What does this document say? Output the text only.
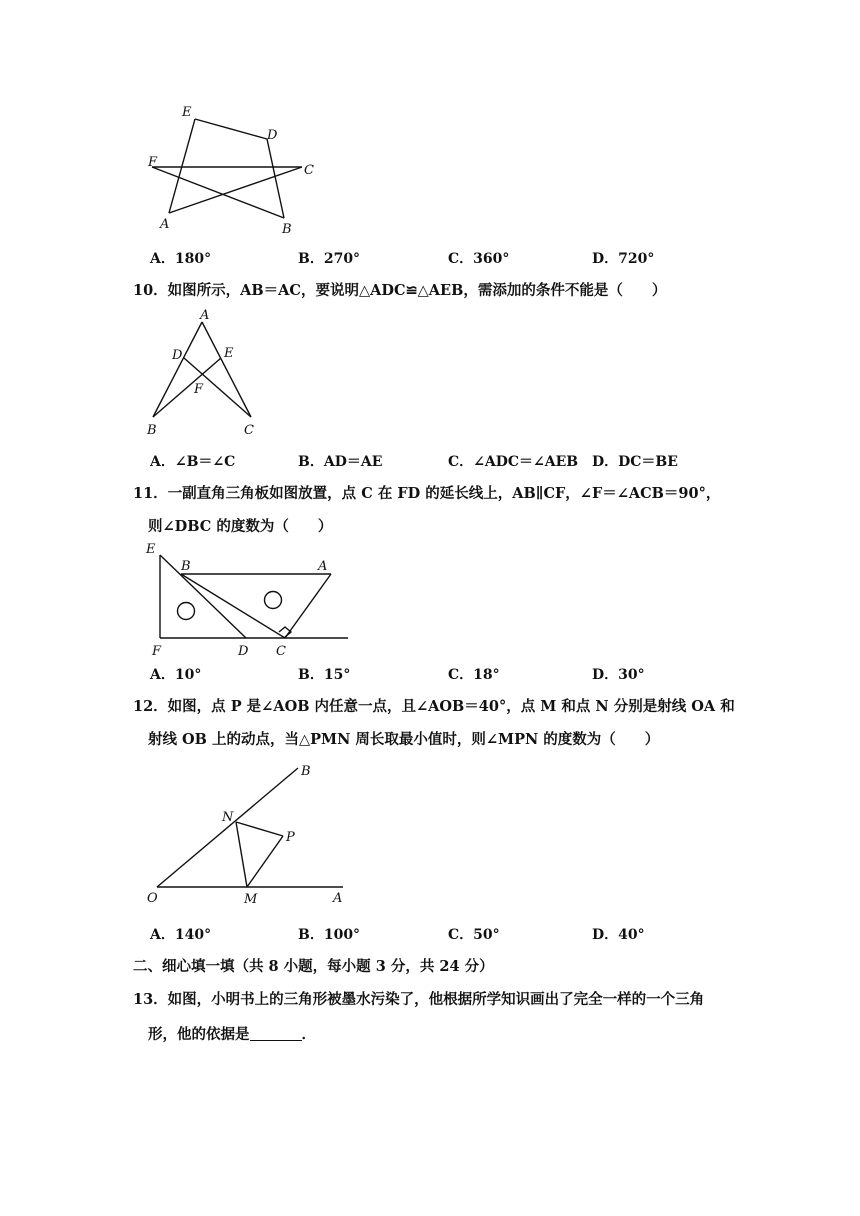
E
D
F
C
A	B
A．180°	B．270°	C．360°	D．720°
10．如图所示，AB＝AC，要说明△ADC≌△AEB，需添加的条件不能是（　　）
A
D	E
F
B	C
A．∠B＝∠C	B．AD＝AE	C．∠ADC＝∠AEB D．DC＝BE
11．一副直角三角板如图放置，点 C 在 FD 的延长线上，AB∥CF，∠F＝∠ACB＝90°，
则∠DBC 的度数为（　　）
E
B	A
F	D C
A．10°	B．15°	C．18°	D．30°
12．如图，点 P 是∠AOB 内任意一点，且∠AOB＝40°，点 M 和点 N 分别是射线 OA 和
射线 OB 上的动点，当△PMN 周长取最小值时，则∠MPN 的度数为（　　）
B
N
P
O	M	A
A．140°	B．100°	C．50°	D．40°
二、细心填一填（共 8 小题，每小题 3 分，共 24 分）
13．如图，小明书上的三角形被墨水污染了，他根据所学知识画出了完全一样的一个三角
形，他的依据是	．
